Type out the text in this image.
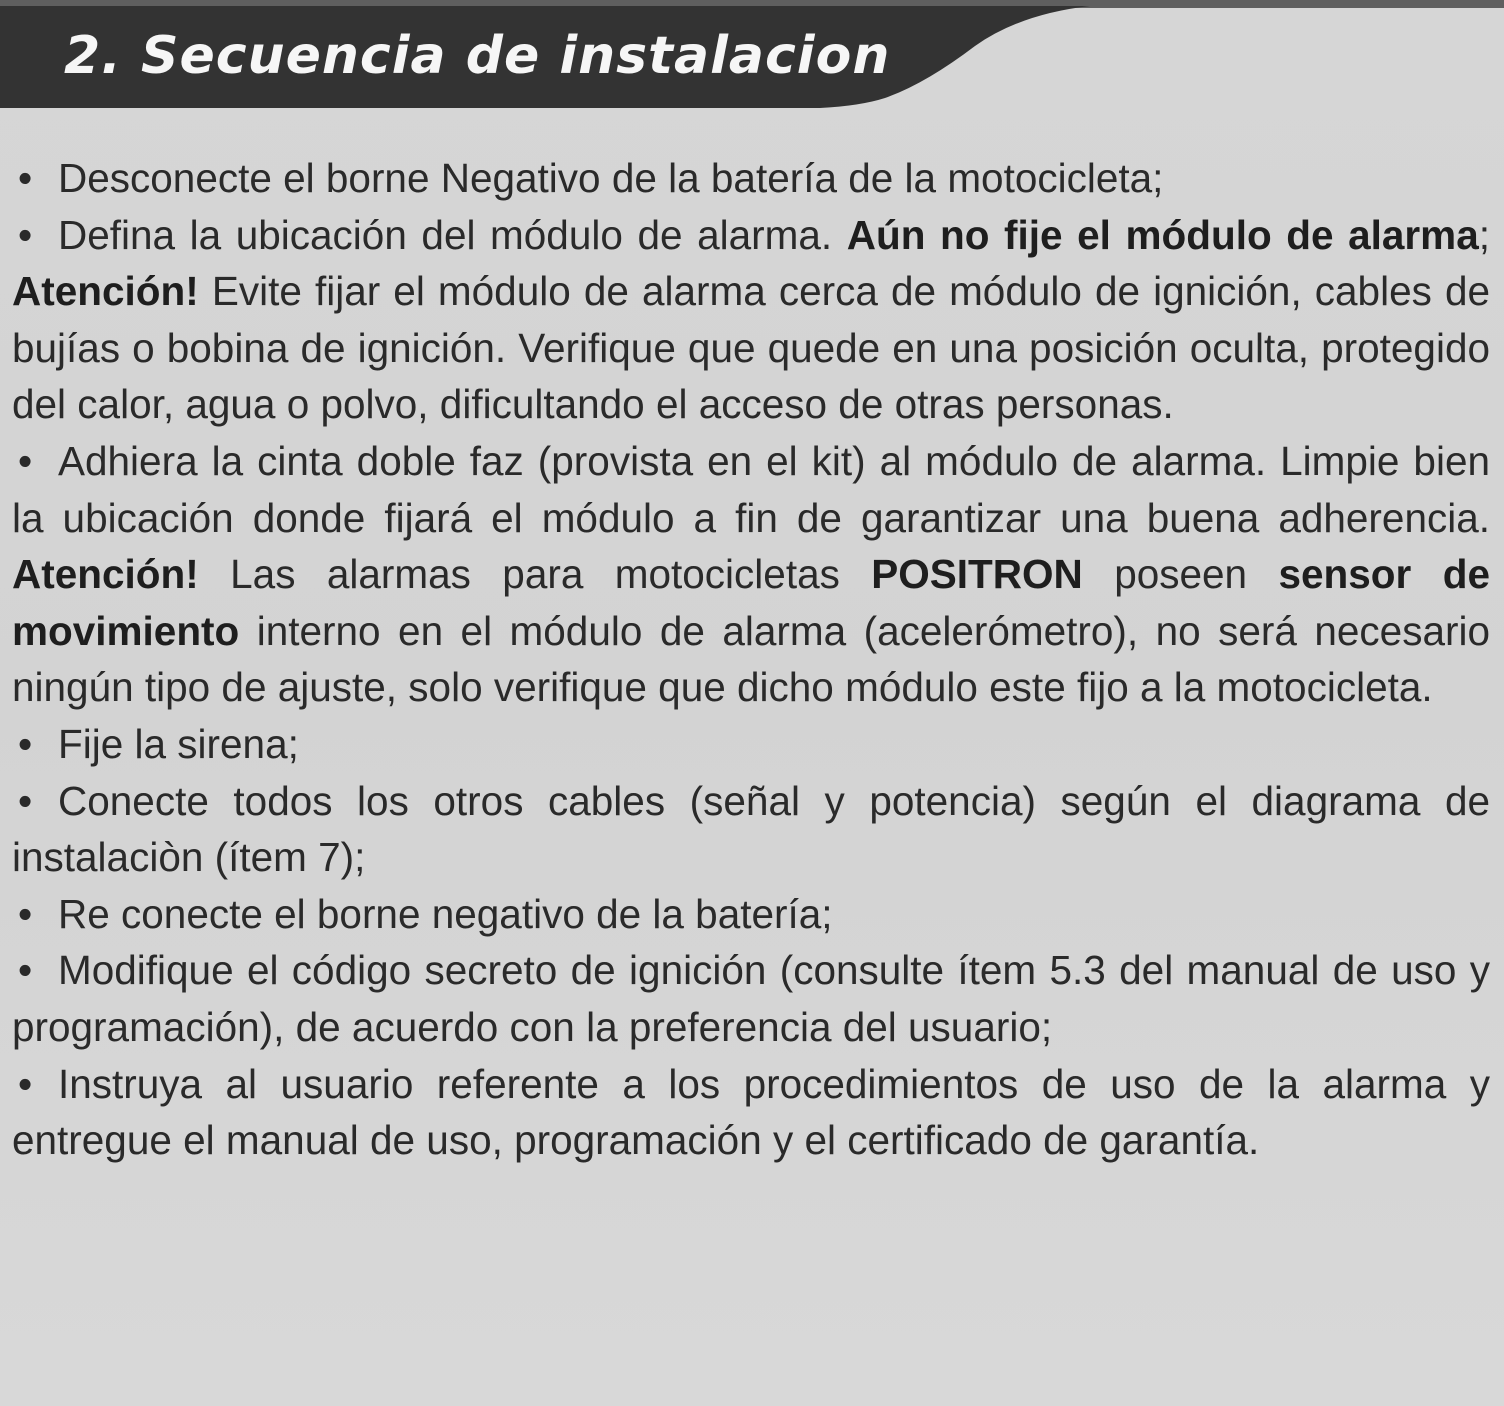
2. Secuencia de instalacion

• Desconecte el borne Negativo de la batería de la motocicleta;

• Defina la ubicación del módulo de alarma. Aún no fije el módulo de alarma; Atención! Evite fijar el módulo de alarma cerca de módulo de ignición, cables de bujías o bobina de ignición. Verifique que quede en una posición oculta, protegido del calor, agua o polvo, dificultando el acceso de otras personas.

• Adhiera la cinta doble faz (provista en el kit) al módulo de alarma. Limpie bien la ubicación donde fijará el módulo a fin de garantizar una buena adherencia. Atención! Las alarmas para motocicletas POSITRON poseen sensor de movimiento interno en el módulo de alarma (acelerómetro), no será necesario ningún tipo de ajuste, solo verifique que dicho módulo este fijo a la motocicleta.

• Fije la sirena;

• Conecte todos los otros cables (señal y potencia) según el diagrama de instalaciòn (ítem 7);

• Re conecte el borne negativo de la batería;

• Modifique el código secreto de ignición (consulte ítem 5.3 del manual de uso y programación), de acuerdo con la preferencia del usuario;

• Instruya al usuario referente a los procedimientos de uso de la alarma y entregue el manual de uso, programación y el certificado de garantía.
